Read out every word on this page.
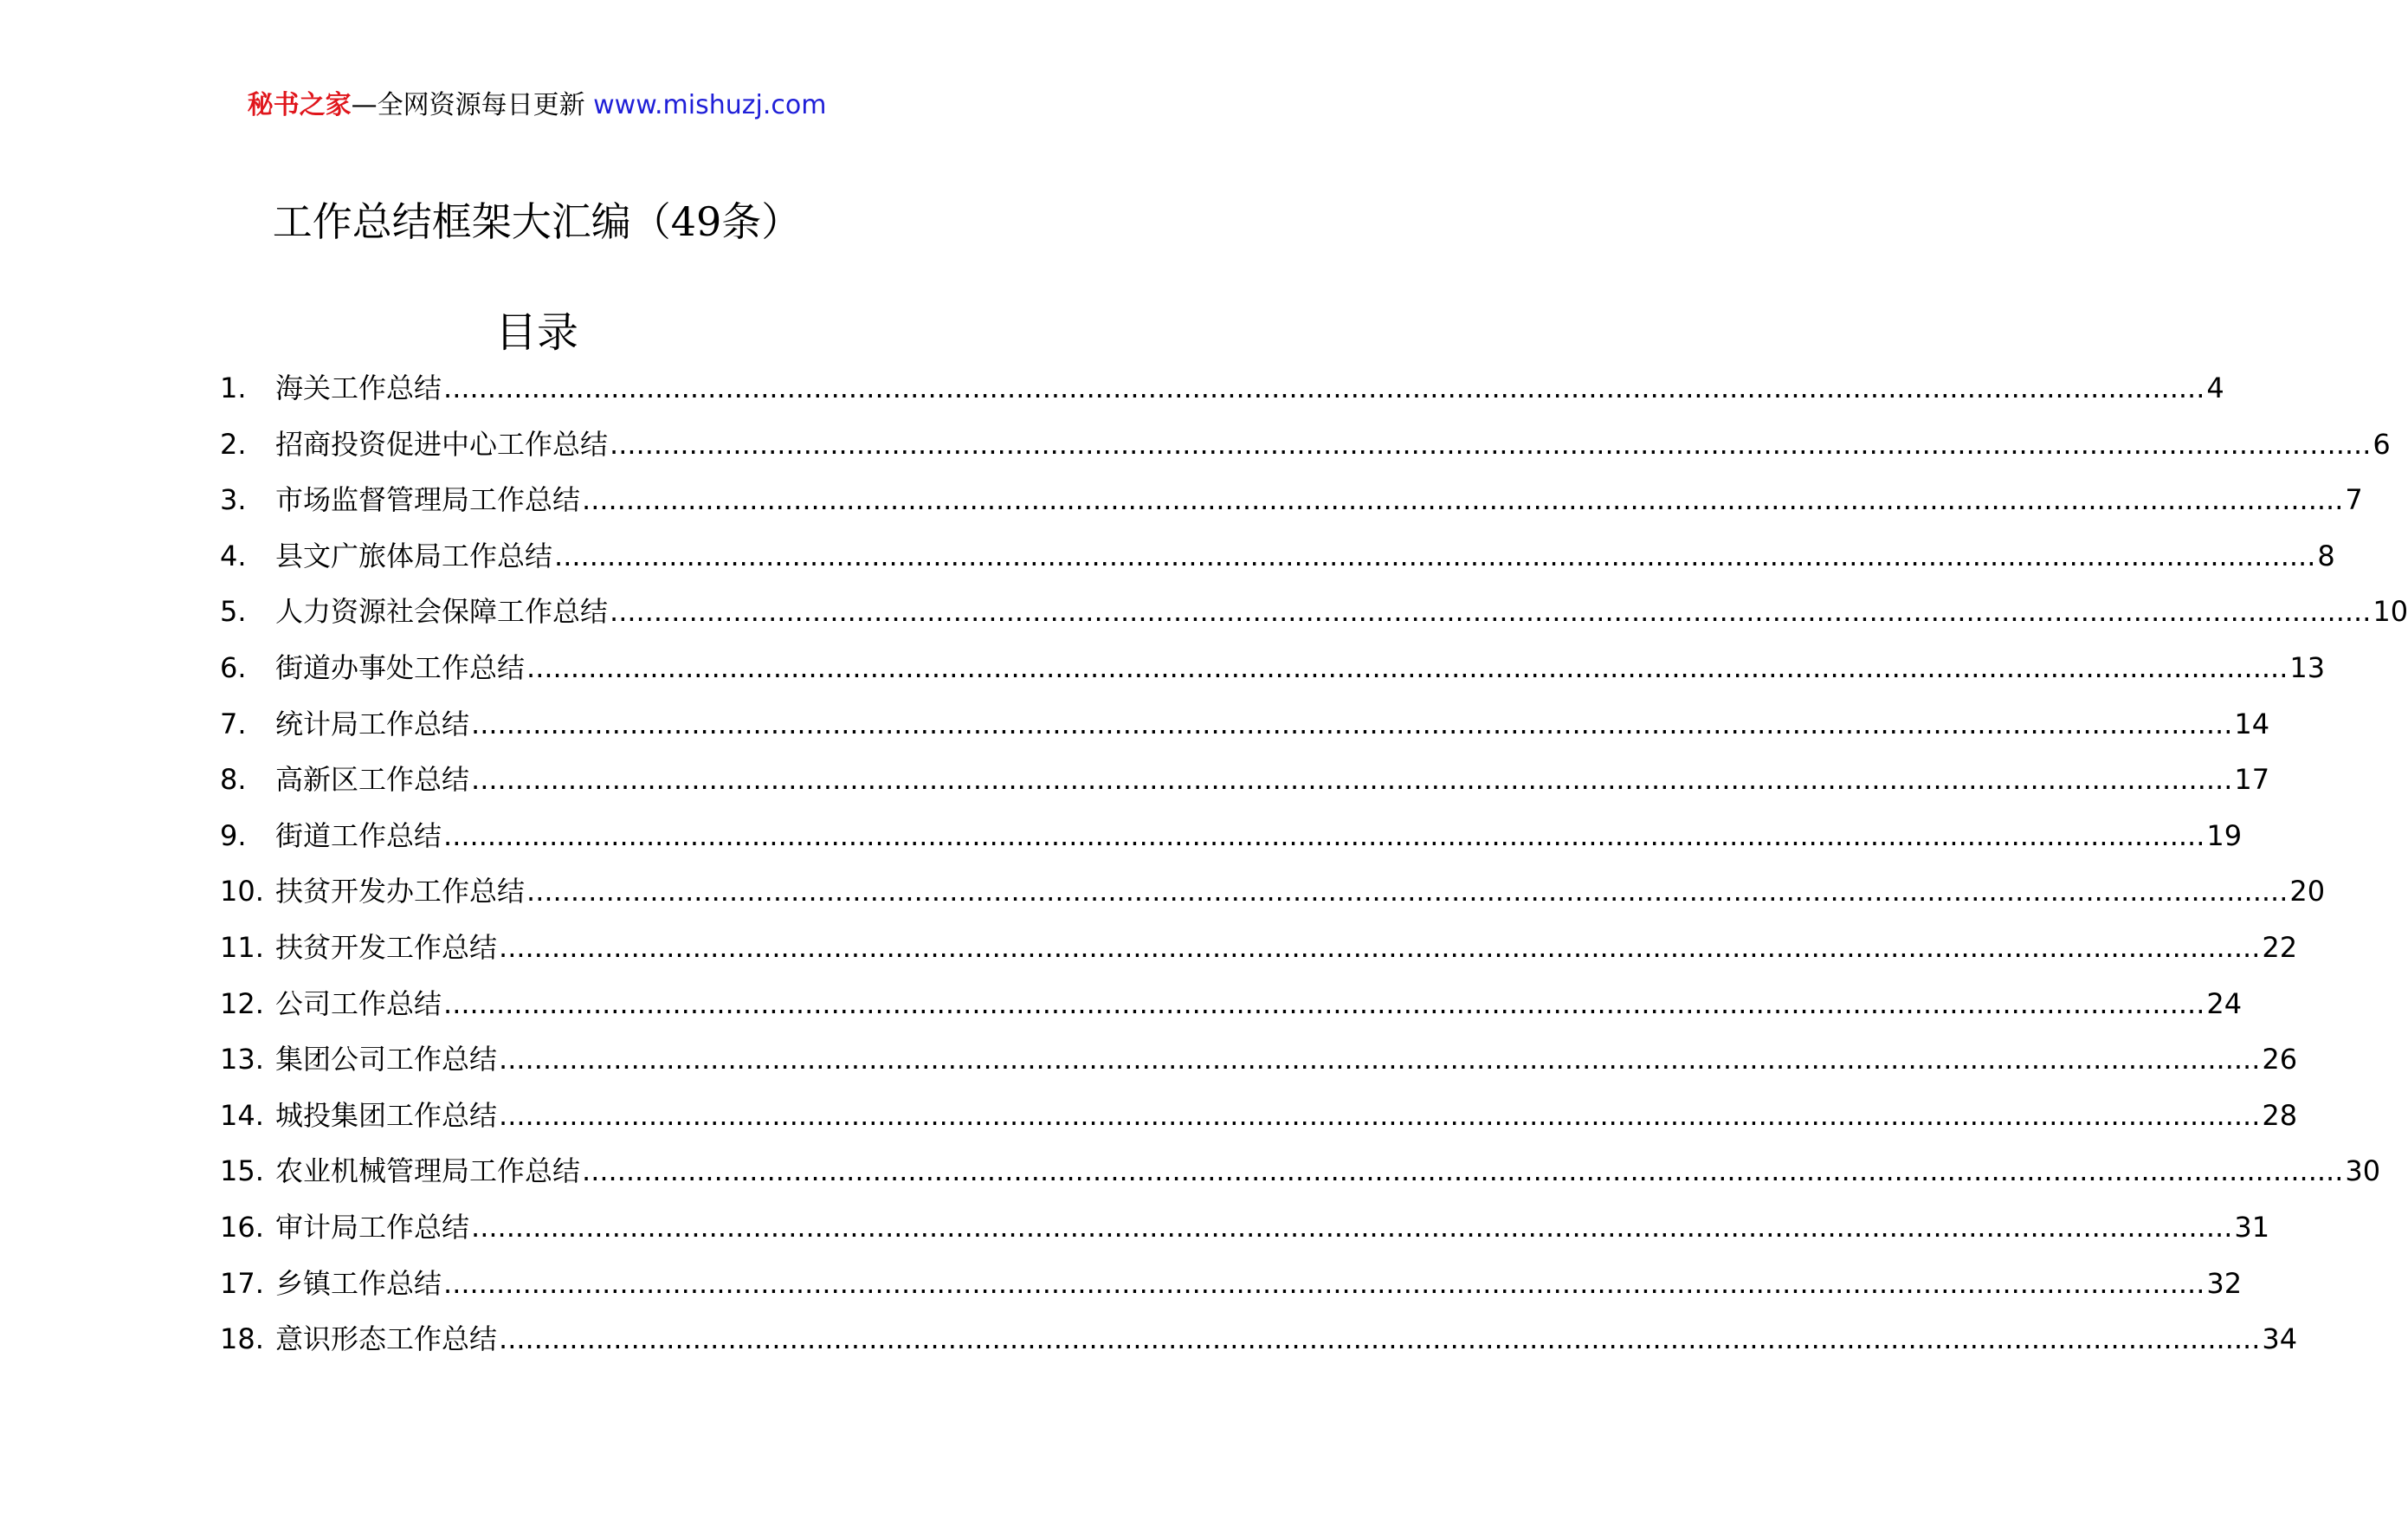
秘书之家—全网资源每日更新 www.mishuzj.com
工作总结框架大汇编（49条）
目录
1.	海关工作总结 ........................................................................................................................................................................................................ 4
2.	招商投资促进中心工作总结 ........................................................................................................................................................................................................ 6
3.	市场监督管理局工作总结 ........................................................................................................................................................................................................ 7
4.	县文广旅体局工作总结 ........................................................................................................................................................................................................ 8
5.	人力资源社会保障工作总结 ........................................................................................................................................................................................................ 10
6.	街道办事处工作总结 ........................................................................................................................................................................................................ 13
7.	统计局工作总结 ........................................................................................................................................................................................................ 14
8.	高新区工作总结 ........................................................................................................................................................................................................ 17
9.	街道工作总结 ........................................................................................................................................................................................................ 19
10. 扶贫开发办工作总结 ........................................................................................................................................................................................................ 20
11. 扶贫开发工作总结 ........................................................................................................................................................................................................ 22
12. 公司工作总结 ........................................................................................................................................................................................................ 24
13. 集团公司工作总结 ........................................................................................................................................................................................................ 26
14. 城投集团工作总结 ........................................................................................................................................................................................................ 28
15. 农业机械管理局工作总结 ........................................................................................................................................................................................................ 30
16. 审计局工作总结 ........................................................................................................................................................................................................ 31
17. 乡镇工作总结 ........................................................................................................................................................................................................ 32
18. 意识形态工作总结 ........................................................................................................................................................................................................ 34
